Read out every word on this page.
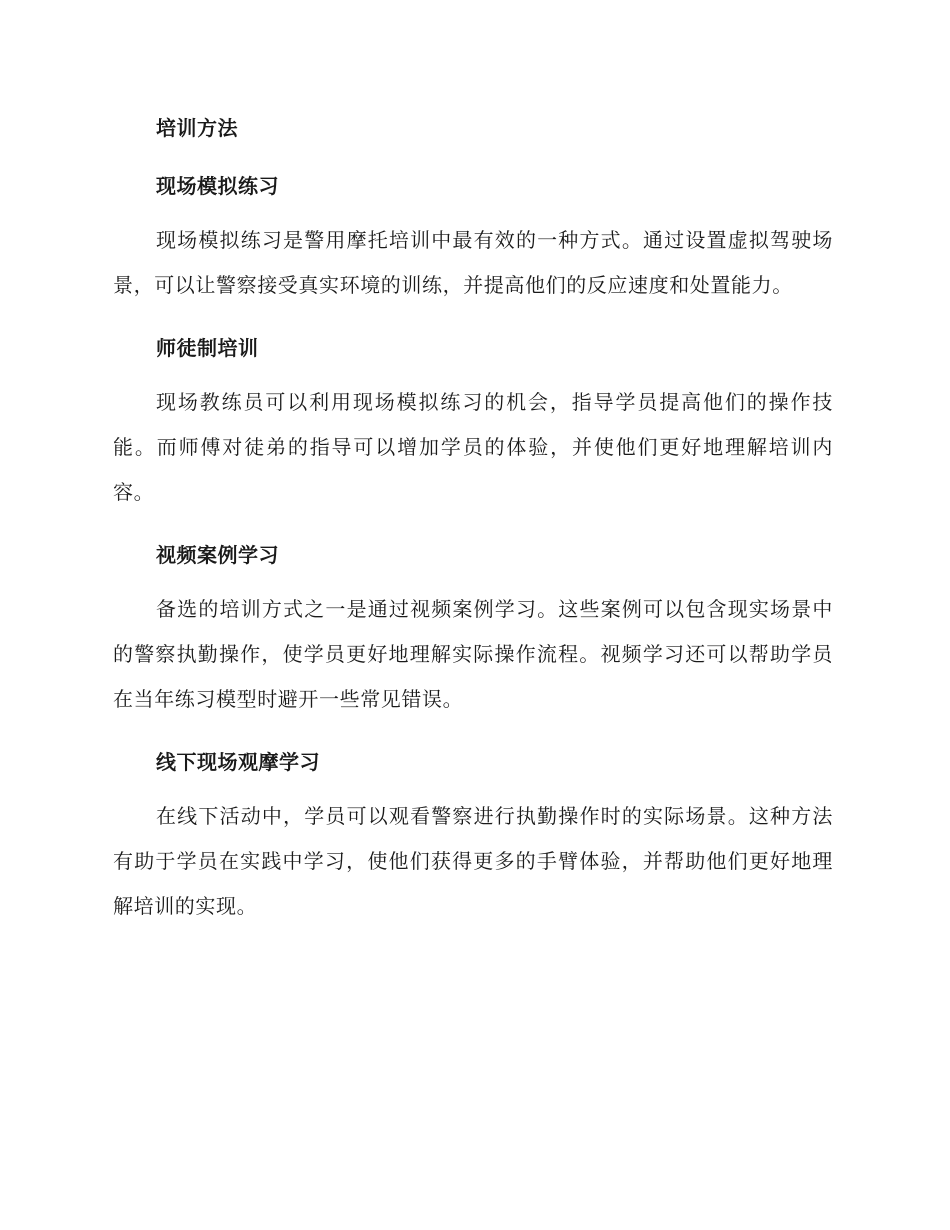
培训方法
现场模拟练习

现场模拟练习是警用摩托培训中最有效的一种方式。通过设置虚拟驾驶场景，可以让警察接受真实环境的训练，并提高他们的反应速度和处置能力。

师徒制培训

现场教练员可以利用现场模拟练习的机会，指导学员提高他们的操作技能。而师傅对徒弟的指导可以增加学员的体验，并使他们更好地理解培训内容。

视频案例学习

备选的培训方式之一是通过视频案例学习。这些案例可以包含现实场景中的警察执勤操作，使学员更好地理解实际操作流程。视频学习还可以帮助学员在当年练习模型时避开一些常见错误。

线下现场观摩学习

在线下活动中，学员可以观看警察进行执勤操作时的实际场景。这种方法有助于学员在实践中学习，使他们获得更多的手臂体验，并帮助他们更好地理解培训的实现。
